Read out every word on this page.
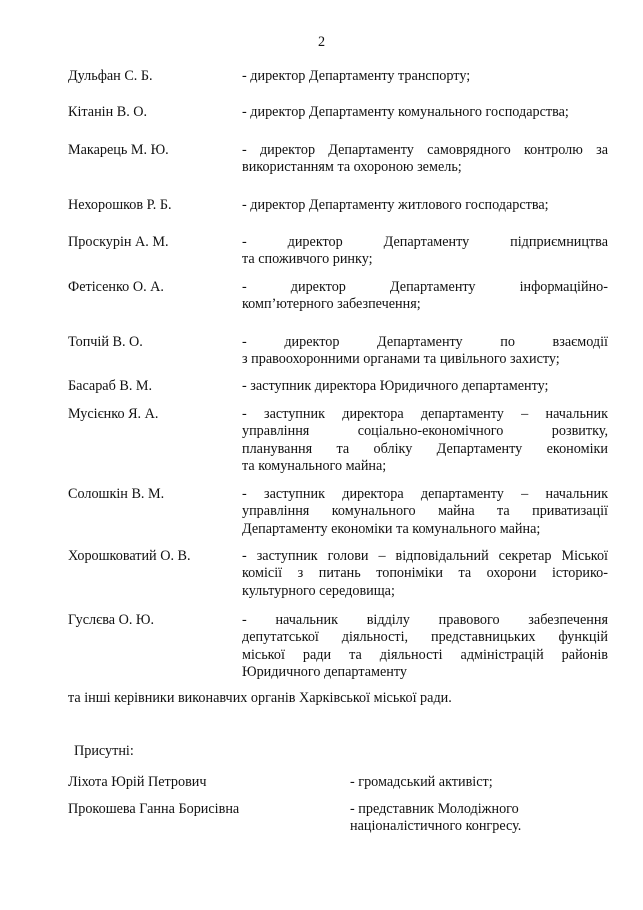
2
Дульфан С. Б.	- директор Департаменту транспорту;
Кітанін В. О.	- директор Департаменту комунального господарства;
Макарець М. Ю.	- директор Департаменту самоврядного контролю за
використанням та охороною земель;
Нехорошков Р. Б.	- директор Департаменту житлового господарства;
Проскурін А. М.	- директор Департаменту підприємництва
та споживчого ринку;
Фетісенко О. А.	- директор Департаменту інформаційно-
комп’ютерного забезпечення;
Топчій В. О.	- директор Департаменту по взаємодії
з правоохоронними органами та цивільного захисту;
Басараб В. М.	- заступник директора Юридичного департаменту;
Мусієнко Я. А.	- заступник директора департаменту – начальник
управління соціально-економічного розвитку,
планування та обліку Департаменту економіки
та комунального майна;
Солошкін В. М.	- заступник директора департаменту – начальник
управління комунального майна та приватизації
Департаменту економіки та комунального майна;
Хорошковатий О. В.	- заступник голови – відповідальний секретар Міської
комісії з питань топоніміки та охорони історико-
культурного середовища;
Гуслєва О. Ю.	- начальник відділу правового забезпечення
депутатської діяльності, представницьких функцій
міської ради та діяльності адміністрацій районів
Юридичного департаменту
та інші керівники виконавчих органів Харківської міської ради.
Присутні:
Ліхота Юрій Петрович	- громадський активіст;
Прокошева Ганна Борисівна	- представник Молодіжного
націоналістичного конгресу.
